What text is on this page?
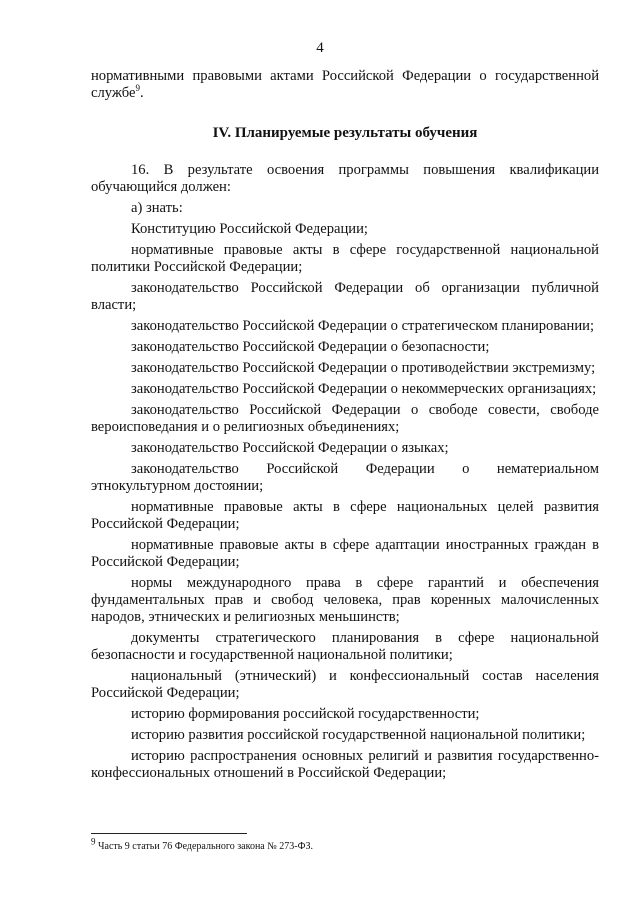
4

нормативными правовыми актами Российской Федерации о государственной службе$^9$.

IV. Планируемые результаты обучения

16. В результате освоения программы повышения квалификации обучающийся должен:

а) знать:

Конституцию Российской Федерации;

нормативные правовые акты в сфере государственной национальной политики Российской Федерации;

законодательство Российской Федерации об организации публичной власти;

законодательство Российской Федерации о стратегическом планировании;

законодательство Российской Федерации о безопасности;

законодательство Российской Федерации о противодействии экстремизму;

законодательство Российской Федерации о некоммерческих организациях;

законодательство Российской Федерации о свободе совести, свободе вероисповедания и о религиозных объединениях;

законодательство Российской Федерации о языках;

законодательство Российской Федерации о нематериальном этнокультурном достоянии;

нормативные правовые акты в сфере национальных целей развития Российской Федерации;

нормативные правовые акты в сфере адаптации иностранных граждан в Российской Федерации;

нормы международного права в сфере гарантий и обеспечения фундаментальных прав и свобод человека, прав коренных малочисленных народов, этнических и религиозных меньшинств;

документы стратегического планирования в сфере национальной безопасности и государственной национальной политики;

национальный (этнический) и конфессиональный состав населения Российской Федерации;

историю формирования российской государственности;

историю развития российской государственной национальной политики;

историю распространения основных религий и развития государственно-конфессиональных отношений в Российской Федерации;

$^9$ Часть 9 статьи 76 Федерального закона № 273-ФЗ.
